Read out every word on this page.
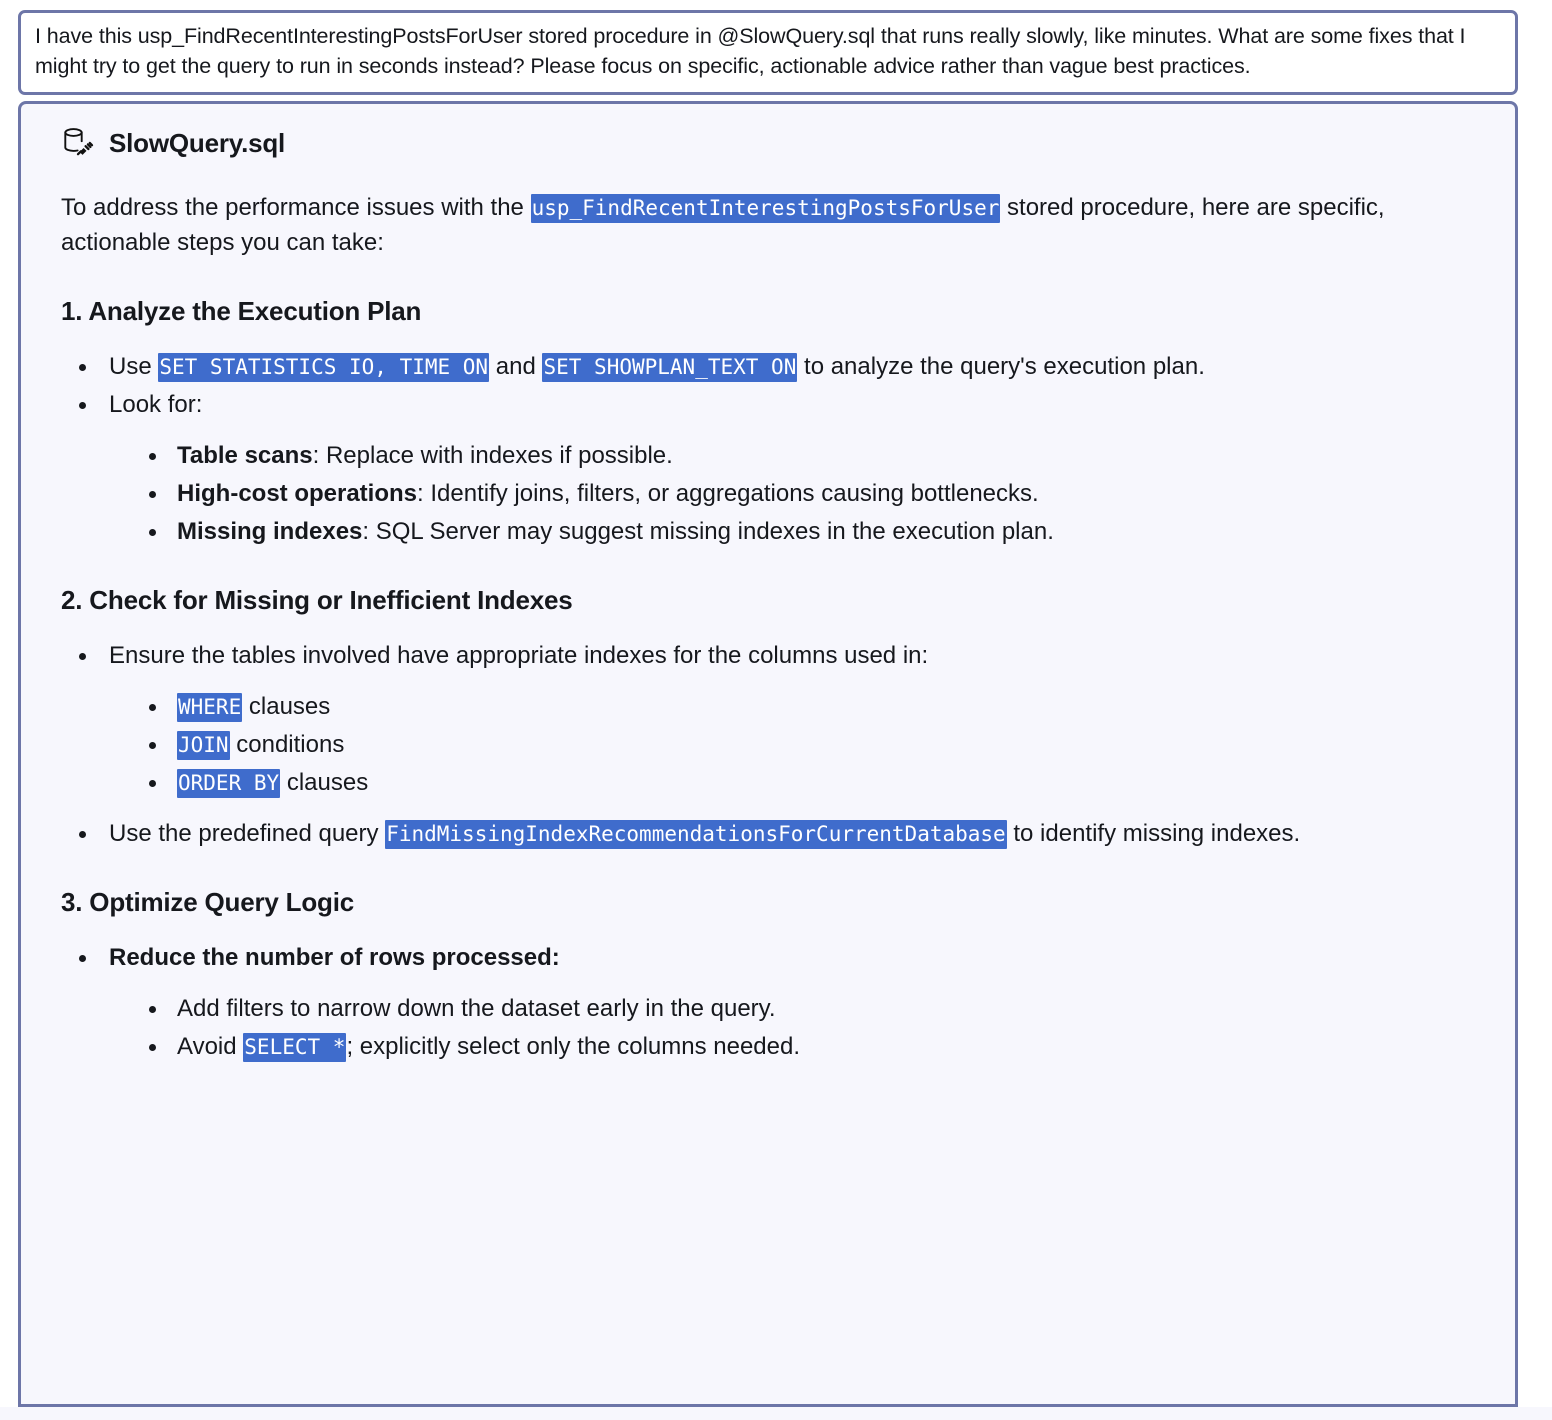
I have this usp_FindRecentInterestingPostsForUser stored procedure in @SlowQuery.sql that runs really slowly, like minutes. What are some fixes that I might try to get the query to run in seconds instead? Please focus on specific, actionable advice rather than vague best practices.
SlowQuery.sql

To address the performance issues with the usp_FindRecentInterestingPostsForUser stored procedure, here are specific, actionable steps you can take:

1. Analyze the Execution Plan
Use SET STATISTICS IO, TIME ON and SET SHOWPLAN_TEXT ON to analyze the query's execution plan.
Look for:
Table scans: Replace with indexes if possible.
High-cost operations: Identify joins, filters, or aggregations causing bottlenecks.
Missing indexes: SQL Server may suggest missing indexes in the execution plan.
2. Check for Missing or Inefficient Indexes
Ensure the tables involved have appropriate indexes for the columns used in:
WHERE clauses
JOIN conditions
ORDER BY clauses
Use the predefined query FindMissingIndexRecommendationsForCurrentDatabase to identify missing indexes.
3. Optimize Query Logic
Reduce the number of rows processed:
Add filters to narrow down the dataset early in the query.
Avoid SELECT *; explicitly select only the columns needed.
